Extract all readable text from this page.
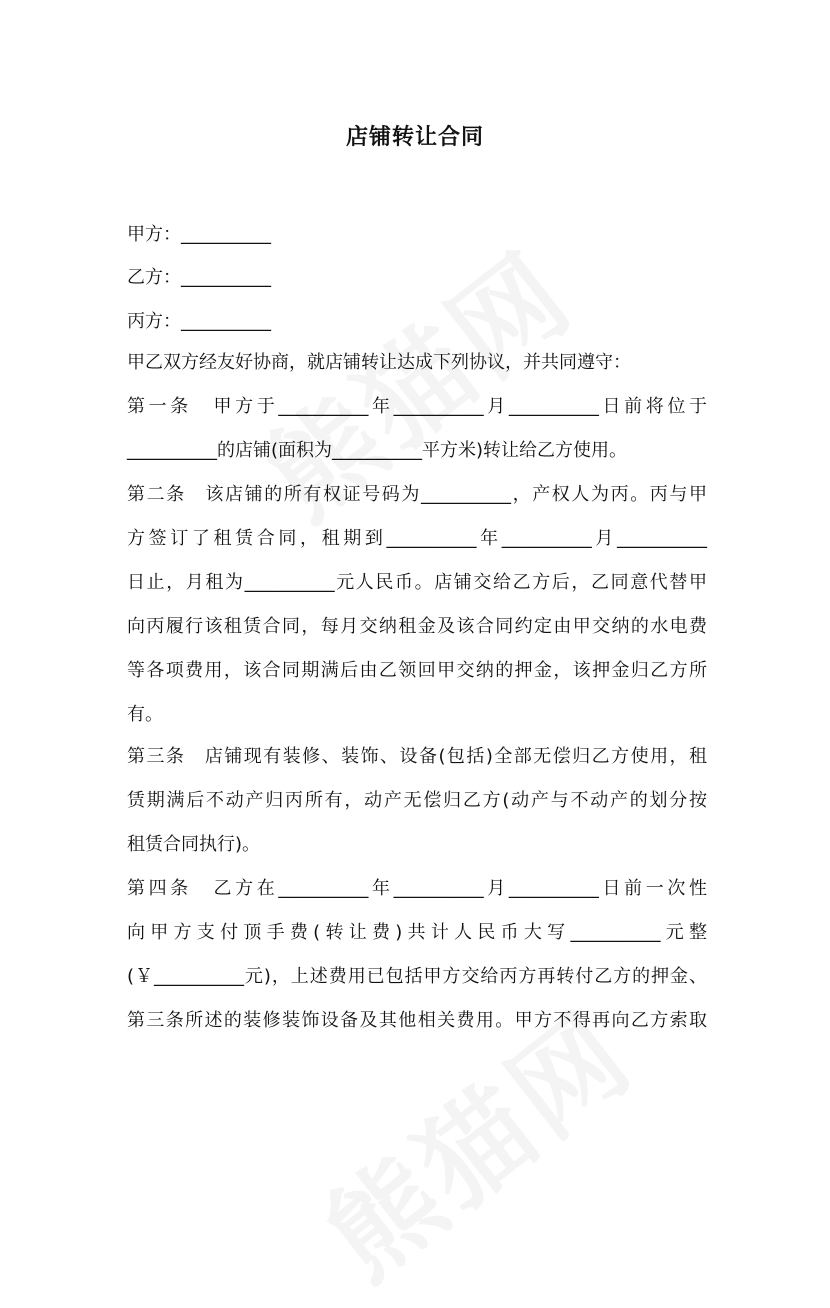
店铺转让合同
甲方：__________
乙方：__________
丙方：__________
甲乙双方经友好协商，就店铺转让达成下列协议，并共同遵守：
第一条　甲方于__________年__________月__________日前将位于
__________的店铺(面积为__________平方米)转让给乙方使用。
第二条　该店铺的所有权证号码为__________，产权人为丙。丙与甲
方签订了租赁合同，租期到__________年__________月__________
日止，月租为__________元人民币。店铺交给乙方后，乙同意代替甲
向丙履行该租赁合同，每月交纳租金及该合同约定由甲交纳的水电费
等各项费用，该合同期满后由乙领回甲交纳的押金，该押金归乙方所
有。
第三条　店铺现有装修、装饰、设备(包括)全部无偿归乙方使用，租
赁期满后不动产归丙所有，动产无偿归乙方(动产与不动产的划分按
租赁合同执行)。
第四条　乙方在__________年__________月__________日前一次性
向甲方支付顶手费(转让费)共计人民币大写__________元整
(￥__________元)，上述费用已包括甲方交给丙方再转付乙方的押金、
第三条所述的装修装饰设备及其他相关费用。甲方不得再向乙方索取
